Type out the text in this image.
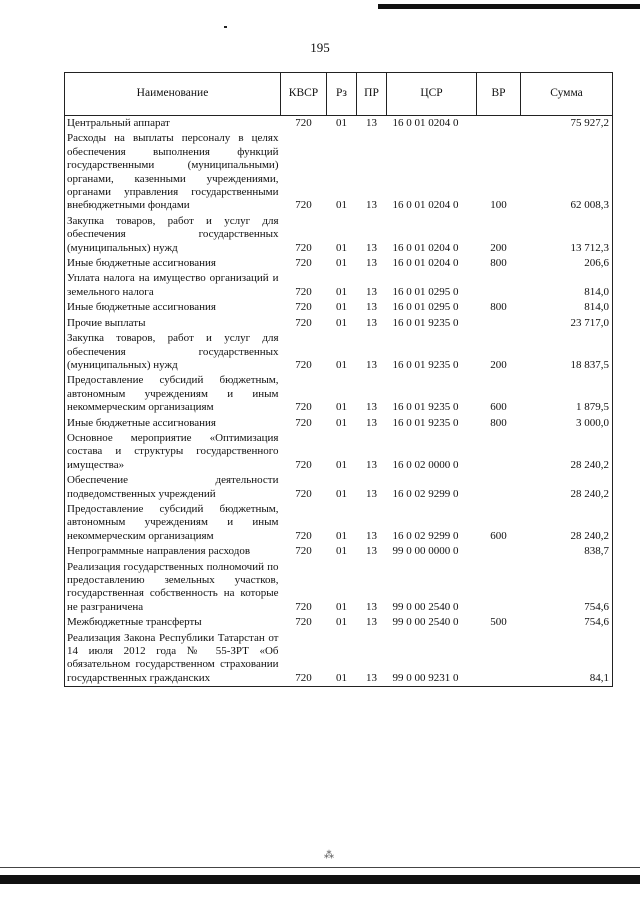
195
Наименование	КВСР	Рз	ПР	ЦСР	ВР	Сумма
Центральный аппарат	720	01	13	16 0 01 0204 0		75 927,2
Расходы на выплаты персоналу в целях обеспечения выполнения функций государственными (муниципальными) органами, казенными учреждениями, органами управления государственными внебюджетными фондами	720	01	13	16 0 01 0204 0	100	62 008,3
Закупка товаров, работ и услуг для обеспечения государственных (муниципальных) нужд	720	01	13	16 0 01 0204 0	200	13 712,3
Иные бюджетные ассигнования	720	01	13	16 0 01 0204 0	800	206,6
Уплата налога на имущество организаций и земельного налога	720	01	13	16 0 01 0295 0		814,0
Иные бюджетные ассигнования	720	01	13	16 0 01 0295 0	800	814,0
Прочие выплаты	720	01	13	16 0 01 9235 0		23 717,0
Закупка товаров, работ и услуг для обеспечения государственных (муниципальных) нужд	720	01	13	16 0 01 9235 0	200	18 837,5
Предоставление субсидий бюджетным, автономным учреждениям и иным некоммерческим организациям	720	01	13	16 0 01 9235 0	600	1 879,5
Иные бюджетные ассигнования	720	01	13	16 0 01 9235 0	800	3 000,0
Основное мероприятие «Оптимизация состава и структуры государственного имущества»	720	01	13	16 0 02 0000 0		28 240,2
Обеспечение деятельности подведомственных учреждений	720	01	13	16 0 02 9299 0		28 240,2
Предоставление субсидий бюджетным, автономным учреждениям и иным некоммерческим организациям	720	01	13	16 0 02 9299 0	600	28 240,2
Непрограммные направления расходов	720	01	13	99 0 00 0000 0		838,7
Реализация государственных полномочий по предоставлению земельных участков, государственная собственность на которые не разграничена	720	01	13	99 0 00 2540 0		754,6
Межбюджетные трансферты	720	01	13	99 0 00 2540 0	500	754,6
Реализация Закона Республики Татарстан от 14 июля 2012 года № 55-ЗРТ «Об обязательном государственном страховании государственных гражданских	720	01	13	99 0 00 9231 0		84,1
⁂
